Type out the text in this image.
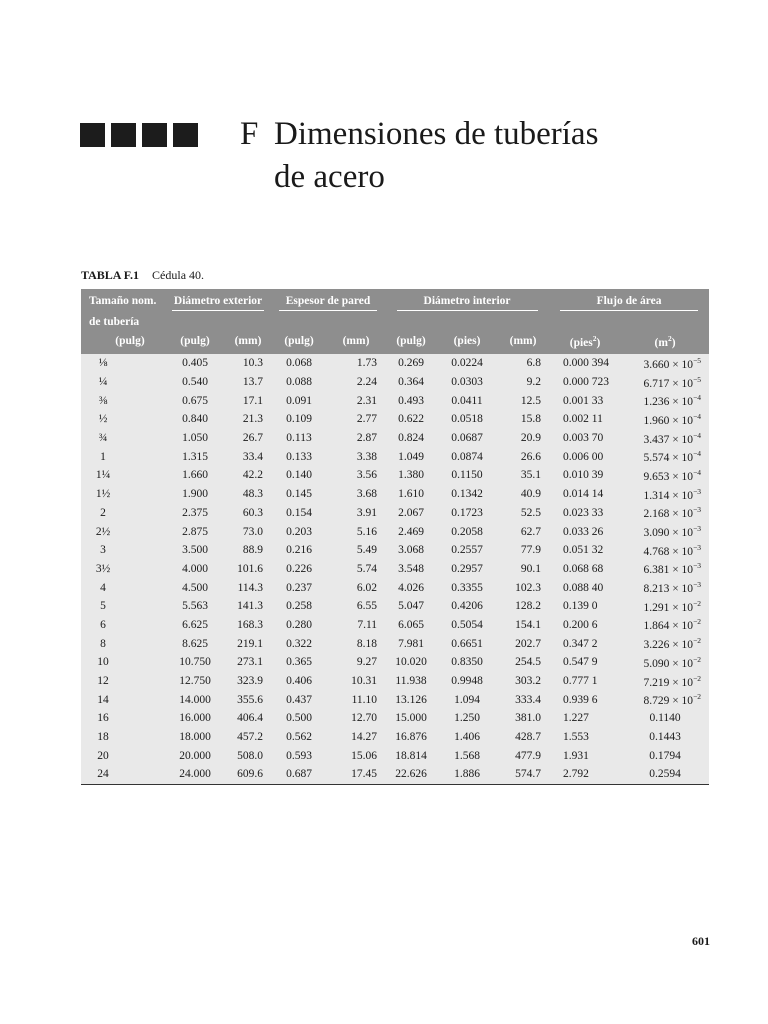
F Dimensiones de tuberías
de acero
TABLA F.1 Cédula 40.
Tamaño nom.	Diámetro exterior		Espesor de pared		Diámetro interior			Flujo de área	
de tubería									
(pulg)	(pulg)	(mm)	(pulg)	(mm)	(pulg)	(pies)	(mm)	(pies$^2$)	$(m^2)$
⅛	0.405	10.3	0.068	1.73	0.269	0.0224	6.8	0.000 394	$3.660 \times 10^{-5}$
¼	0.540	13.7	0.088	2.24	0.364	0.0303	9.2	0.000 723	$6.717 \times 10^{-5}$
⅜	0.675	17.1	0.091	2.31	0.493	0.0411	12.5	0.001 33	$1.236 \times 10^{-4}$
½	0.840	21.3	0.109	2.77	0.622	0.0518	15.8	0.002 11	$1.960 \times 10^{-4}$
¾	1.050	26.7	0.113	2.87	0.824	0.0687	20.9	0.003 70	$3.437 \times 10^{-4}$
1	1.315	33.4	0.133	3.38	1.049	0.0874	26.6	0.006 00	$5.574 \times 10^{-4}$
1¼	1.660	42.2	0.140	3.56	1.380	0.1150	35.1	0.010 39	$9.653 \times 10^{-4}$
1½	1.900	48.3	0.145	3.68	1.610	0.1342	40.9	0.014 14	$1.314 \times 10^{-3}$
2	2.375	60.3	0.154	3.91	2.067	0.1723	52.5	0.023 33	$2.168 \times 10^{-3}$
2½	2.875	73.0	0.203	5.16	2.469	0.2058	62.7	0.033 26	$3.090 \times 10^{-3}$
3	3.500	88.9	0.216	5.49	3.068	0.2557	77.9	0.051 32	$4.768 \times 10^{-3}$
3½	4.000	101.6	0.226	5.74	3.548	0.2957	90.1	0.068 68	$6.381 \times 10^{-3}$
4	4.500	114.3	0.237	6.02	4.026	0.3355	102.3	0.088 40	$8.213 \times 10^{-3}$
5	5.563	141.3	0.258	6.55	5.047	0.4206	128.2	0.139 0	$1.291 \times 10^{-2}$
6	6.625	168.3	0.280	7.11	6.065	0.5054	154.1	0.200 6	$1.864 \times 10^{-2}$
8	8.625	219.1	0.322	8.18	7.981	0.6651	202.7	0.347 2	$3.226 \times 10^{-2}$
10	10.750	273.1	0.365	9.27	10.020	0.8350	254.5	0.547 9	$5.090 \times 10^{-2}$
12	12.750	323.9	0.406	10.31	11.938	0.9948	303.2	0.777 1	$7.219 \times 10^{-2}$
14	14.000	355.6	0.437	11.10	13.126	1.094	333.4	0.939 6	$8.729 \times 10^{-2}$
16	16.000	406.4	0.500	12.70	15.000	1.250	381.0	1.227	0.1140
18	18.000	457.2	0.562	14.27	16.876	1.406	428.7	1.553	0.1443
20	20.000	508.0	0.593	15.06	18.814	1.568	477.9	1.931	0.1794
24	24.000	609.6	0.687	17.45	22.626	1.886	574.7	2.792	0.2594
601
